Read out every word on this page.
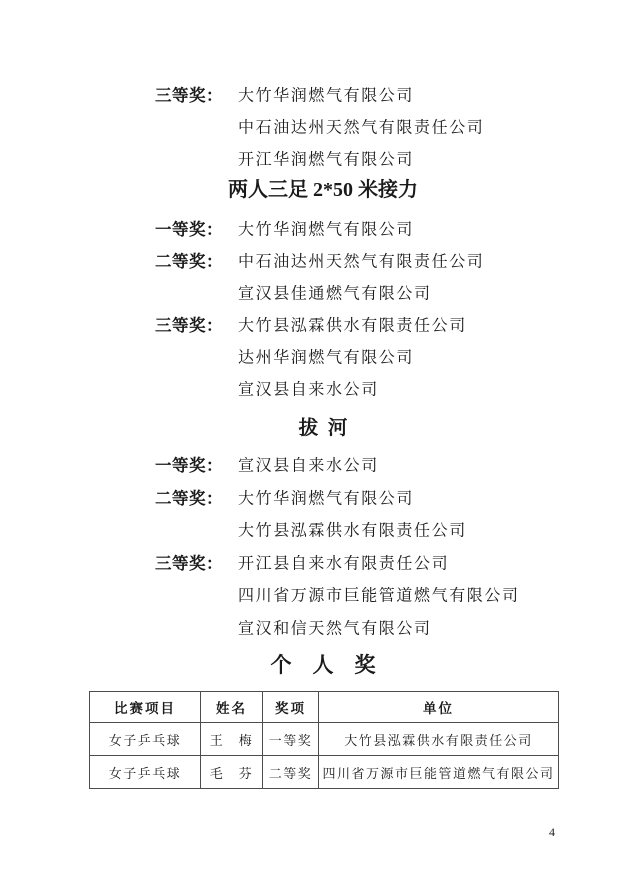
三等奖： 大竹华润燃气有限公司
中石油达州天然气有限责任公司
开江华润燃气有限公司
两人三足 2*50 米接力
一等奖： 大竹华润燃气有限公司
二等奖： 中石油达州天然气有限责任公司
宣汉县佳通燃气有限公司
三等奖： 大竹县泓霖供水有限责任公司
达州华润燃气有限公司
宣汉县自来水公司
拔  河
一等奖： 宣汉县自来水公司
二等奖： 大竹华润燃气有限公司
大竹县泓霖供水有限责任公司
三等奖： 开江县自来水有限责任公司
四川省万源市巨能管道燃气有限公司
宣汉和信天然气有限公司
个　人　奖
比赛项目	姓名	奖项	单位
女子乒乓球	王　梅	一等奖	大竹县泓霖供水有限责任公司
女子乒乓球	毛　芬	二等奖	四川省万源市巨能管道燃气有限公司
4
